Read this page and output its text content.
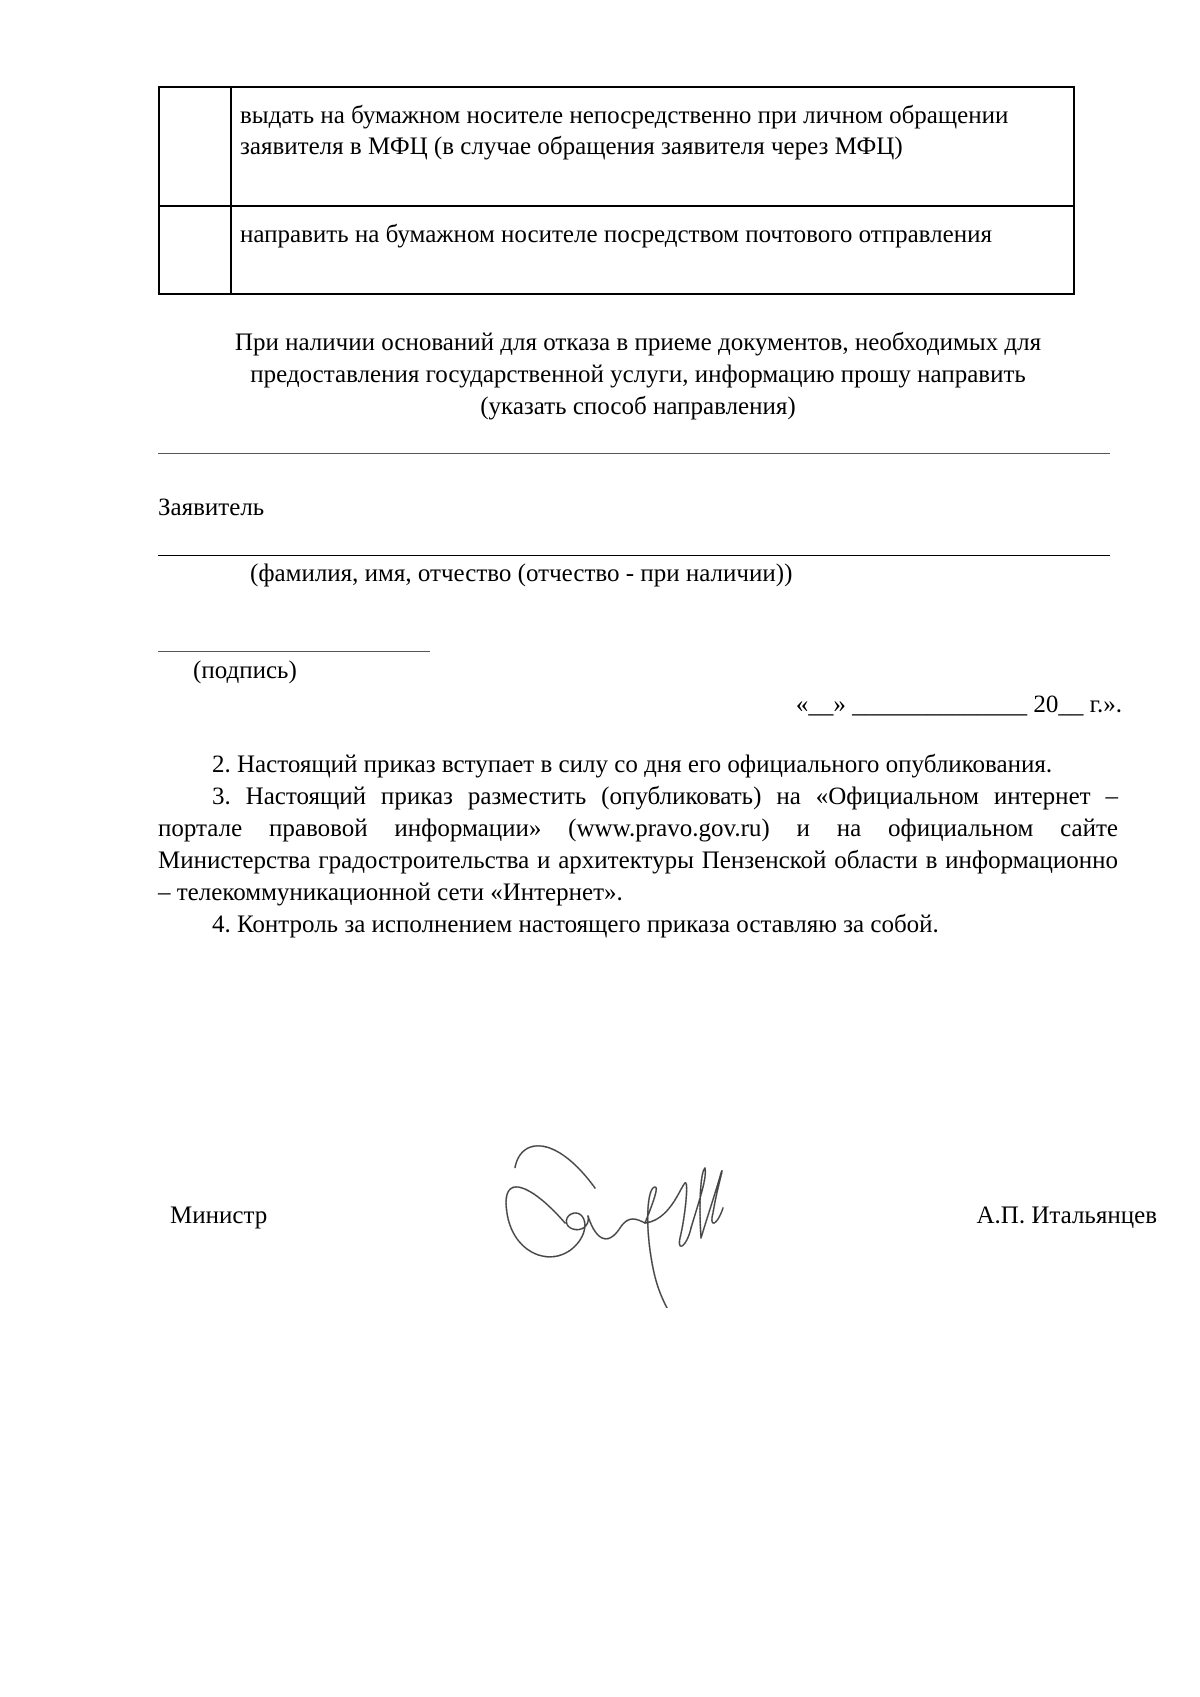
	выдать на бумажном носителе непосредственно при личном обращении заявителя в МФЦ (в случае обращения заявителя через МФЦ)
	направить на бумажном носителе посредством почтового отправления
При наличии оснований для отказа в приеме документов, необходимых для
предоставления государственной услуги, информацию прошу направить
(указать способ направления)
Заявитель
(фамилия, имя, отчество (отчество - при наличии))
(подпись)
«__» ______________ 20__ г.».

2. Настоящий приказ вступает в силу со дня его официального опубликования.

3. Настоящий приказ разместить (опубликовать) на «Официальном интернет – портале правовой информации» (www.pravo.gov.ru) и на официальном сайте Министерства градостроительства и архитектуры Пензенской области в информационно – телекоммуникационной сети «Интернет».

4. Контроль за исполнением настоящего приказа оставляю за собой.

Министр	А.П. Итальянцев
